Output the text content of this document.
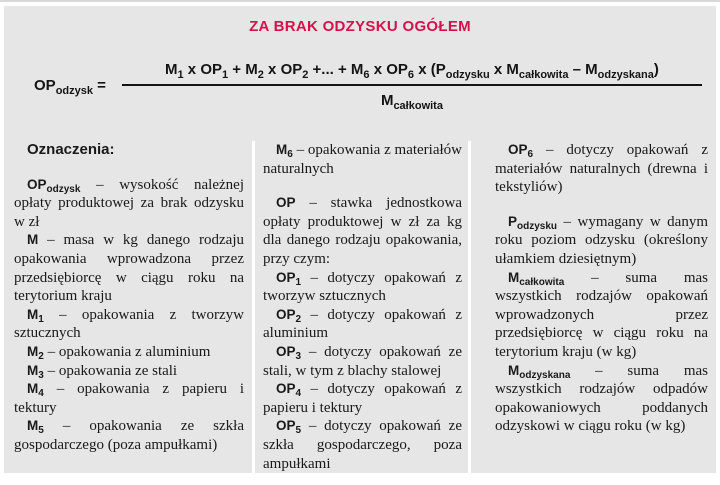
ZA BRAK ODZYSKU OGÓŁEM
$OP_{odzysk}$ =
$M_1$ x $OP_1 + M_2$ x $OP_2$ +... + $M_6$ x $OP_6$ x ($P_{odzysku}$ x $M_{całkowita} - M_{odzyskana}$)
$M_{całkowita}$
Oznaczenia:

$OP_{odzysk}$ – wysokość należnej opłaty produktowej za brak odzysku w zł

M – masa w kg danego rodzaju opakowania wprowadzona przez przedsiębiorcę w ciągu roku na terytorium kraju

$M_1$ – opakowania z tworzyw sztucznych

$M_2$ – opakowania z aluminium

$M_3$ – opakowania ze stali

$M_4$ – opakowania z papieru i tektury

$M_5$ – opakowania ze szkła gospodarczego (poza ampułkami)

$M_6$ – opakowania z materiałów naturalnych

OP – stawka jednostkowa opłaty produktowej w zł za kg dla danego rodzaju opakowania, przy czym:

$OP_1$ – dotyczy opakowań z tworzyw sztucznych

$OP_2$ – dotyczy opakowań z aluminium

$OP_3$ – dotyczy opakowań ze stali, w tym z blachy stalowej

$OP_4$ – dotyczy opakowań z papieru i tektury

$OP_5$ – dotyczy opakowań ze szkła gospodarczego, poza ampułkami

$OP_6$ – dotyczy opakowań z materiałów naturalnych (drewna i tekstyliów)

$P_{odzysku}$ – wymagany w danym roku poziom odzysku (określony ułamkiem dziesiętnym)

$M_{całkowita}$ – suma mas wszystkich rodzajów opakowań wprowadzonych przez przedsiębiorcę w ciągu roku na terytorium kraju (w kg)

$M_{odzyskana}$ – suma mas wszystkich rodzajów odpadów opakowaniowych poddanych odzyskowi w ciągu roku (w kg)
